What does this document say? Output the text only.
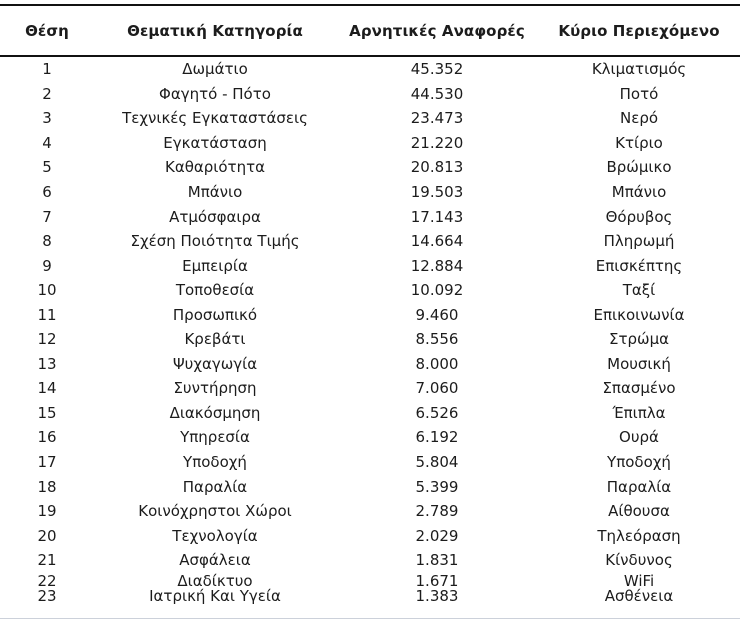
Θέση	Θεματική Κατηγορία	Αρνητικές Αναφορές	Κύριο Περιεχόμενο
1	Δωμάτιο	45.352	Κλιματισμός
2	Φαγητό - Πότο	44.530	Ποτό
3	Τεχνικές Εγκαταστάσεις	23.473	Νερό
4	Εγκατάσταση	21.220	Κτίριο
5	Καθαριότητα	20.813	Βρώμικο
6	Μπάνιο	19.503	Μπάνιο
7	Ατμόσφαιρα	17.143	Θόρυβος
8	Σχέση Ποιότητα Τιμής	14.664	Πληρωμή
9	Εμπειρία	12.884	Επισκέπτης
10	Τοποθεσία	10.092	Ταξί
11	Προσωπικό	9.460	Επικοινωνία
12	Κρεβάτι	8.556	Στρώμα
13	Ψυχαγωγία	8.000	Μουσική
14	Συντήρηση	7.060	Σπασμένο
15	Διακόσμηση	6.526	Έπιπλα
16	Υπηρεσία	6.192	Ουρά
17	Υποδοχή	5.804	Υποδοχή
18	Παραλία	5.399	Παραλία
19	Κοινόχρηστοι Χώροι	2.789	Αίθουσα
20	Τεχνολογία	2.029	Τηλεόραση
21	Ασφάλεια	1.831	Κίνδυνος
22	Διαδίκτυο	1.671	WiFi
23	Ιατρική Και Υγεία	1.383	Ασθένεια
